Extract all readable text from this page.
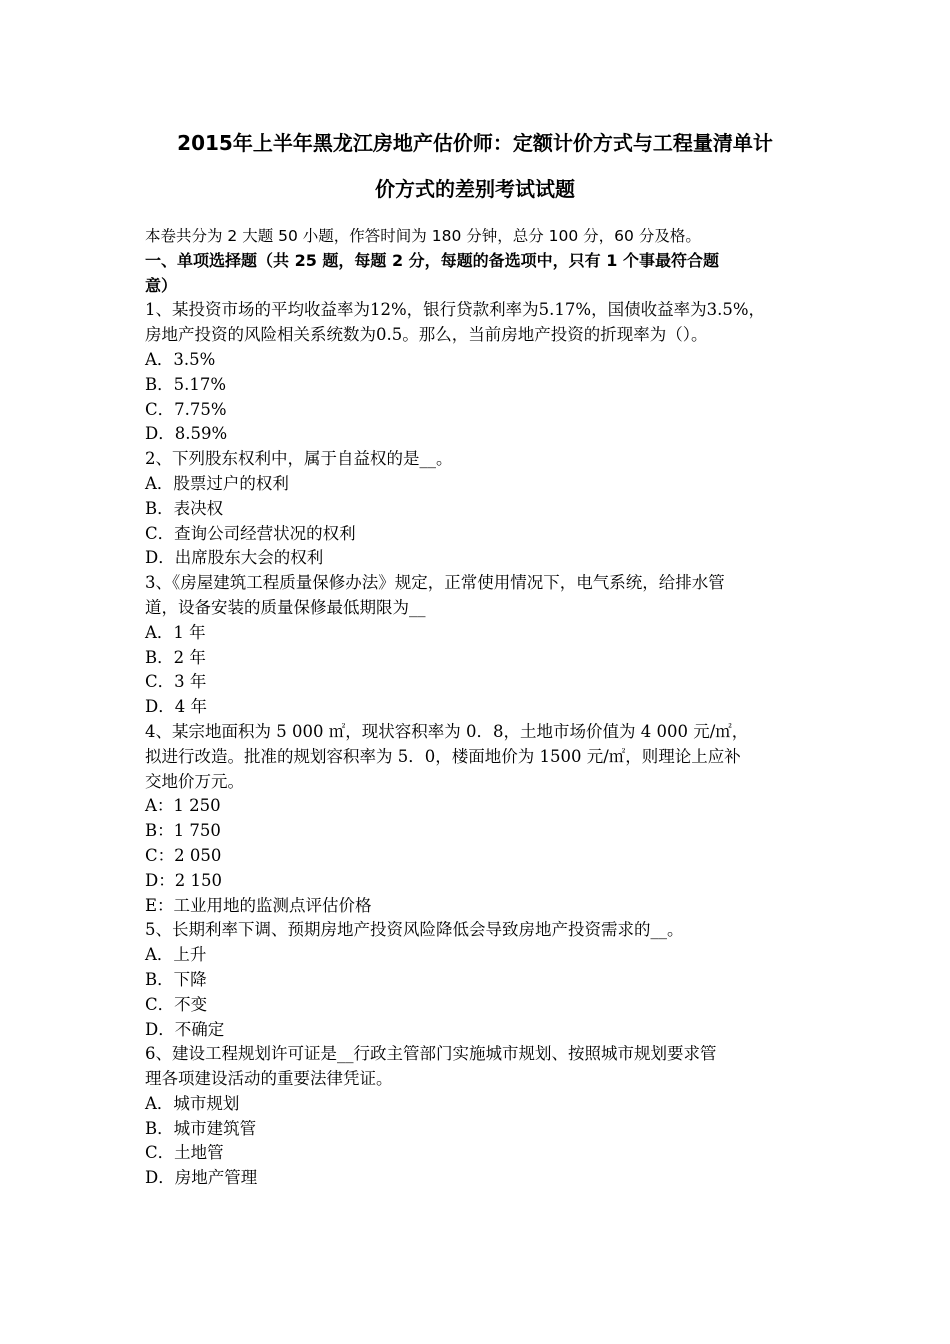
2015年上半年黑龙江房地产估价师：定额计价方式与工程量清单计
价方式的差别考试试题
本卷共分为 2 大题 50 小题，作答时间为 180 分钟，总分 100 分，60 分及格。
一、单项选择题（共 25 题，每题 2 分，每题的备选项中，只有 1 个事最符合题
意）
1、某投资市场的平均收益率为12%，银行贷款利率为5.17%，国债收益率为3.5%，
房地产投资的风险相关系统数为0.5。那么，当前房地产投资的折现率为（）。
A．3.5%
B．5.17%
C．7.75%
D．8.59%
2、下列股东权利中，属于自益权的是__。
A．股票过户的权利
B．表决权
C．查询公司经营状况的权利
D．出席股东大会的权利
3、《房屋建筑工程质量保修办法》规定，正常使用情况下，电气系统，给排水管
道，设备安装的质量保修最低期限为__
A．1 年
B．2 年
C．3 年
D．4 年
4、某宗地面积为 5 000 ㎡，现状容积率为 0．8，土地市场价值为 4 000 元/㎡，
拟进行改造。批准的规划容积率为 5．0，楼面地价为 1500 元/㎡，则理论上应补
交地价万元。
A：1 250
B：1 750
C：2 050
D：2 150
E：工业用地的监测点评估价格
5、长期利率下调、预期房地产投资风险降低会导致房地产投资需求的__。
A．上升
B．下降
C．不变
D．不确定
6、建设工程规划许可证是__行政主管部门实施城市规划、按照城市规划要求管
理各项建设活动的重要法律凭证。
A．城市规划
B．城市建筑管
C．土地管
D．房地产管理
